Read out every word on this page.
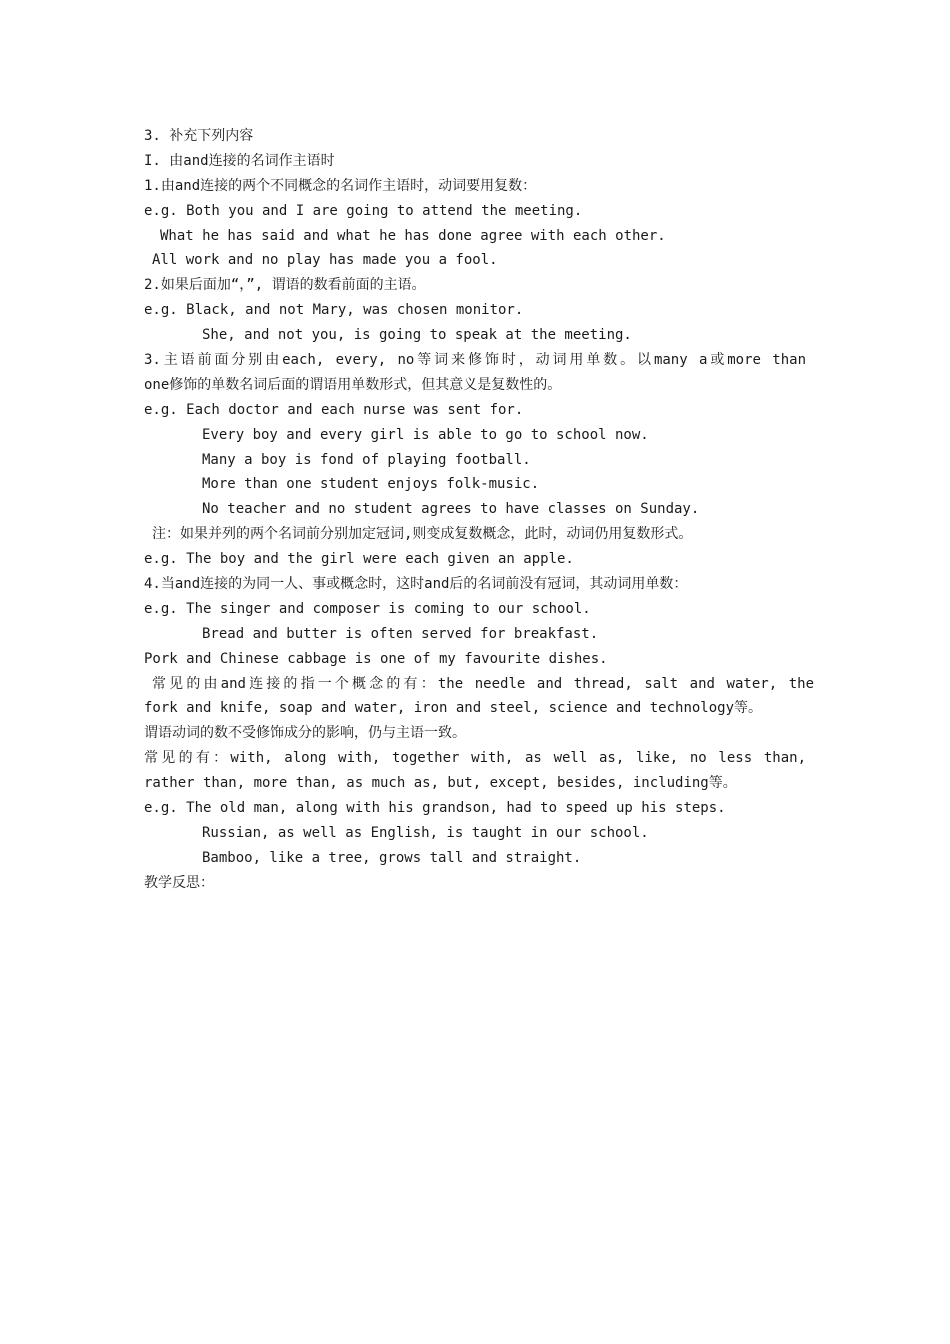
3. 补充下列内容
I. 由and连接的名词作主语时
1.由and连接的两个不同概念的名词作主语时，动词要用复数：
e.g. Both you and I are going to attend the meeting.
What he has said and what he has done agree with each other.
All work and no play has made you a fool.
2.如果后面加“，”, 谓语的数看前面的主语。
e.g. Black, and not Mary, was chosen monitor.
She, and not you, is going to speak at the meeting.
3.主语前面分别由each, every, no等词来修饰时，动词用单数。以many a或more than
one修饰的单数名词后面的谓语用单数形式，但其意义是复数性的。
e.g. Each doctor and each nurse was sent for.
Every boy and every girl is able to go to school now.
Many a boy is fond of playing football.
More than one student enjoys folk-music.
No teacher and no student agrees to have classes on Sunday.
注：如果并列的两个名词前分别加定冠词,则变成复数概念，此时，动词仍用复数形式。
e.g. The boy and the girl were each given an apple.
4.当and连接的为同一人、事或概念时，这时and后的名词前没有冠词，其动词用单数：
e.g. The singer and composer is coming to our school.
Bread and butter is often served for breakfast.
Pork and Chinese cabbage is one of my favourite dishes.
常见的由and连接的指一个概念的有：the needle and thread, salt and water, the
fork and knife, soap and water, iron and steel, science and technology等。
谓语动词的数不受修饰成分的影响，仍与主语一致。
常见的有：with, along with, together with, as well as, like, no less than,
rather than, more than, as much as, but, except, besides, including等。
e.g. The old man, along with his grandson, had to speed up his steps.
Russian, as well as English, is taught in our school.
Bamboo, like a tree, grows tall and straight.
教学反思：
